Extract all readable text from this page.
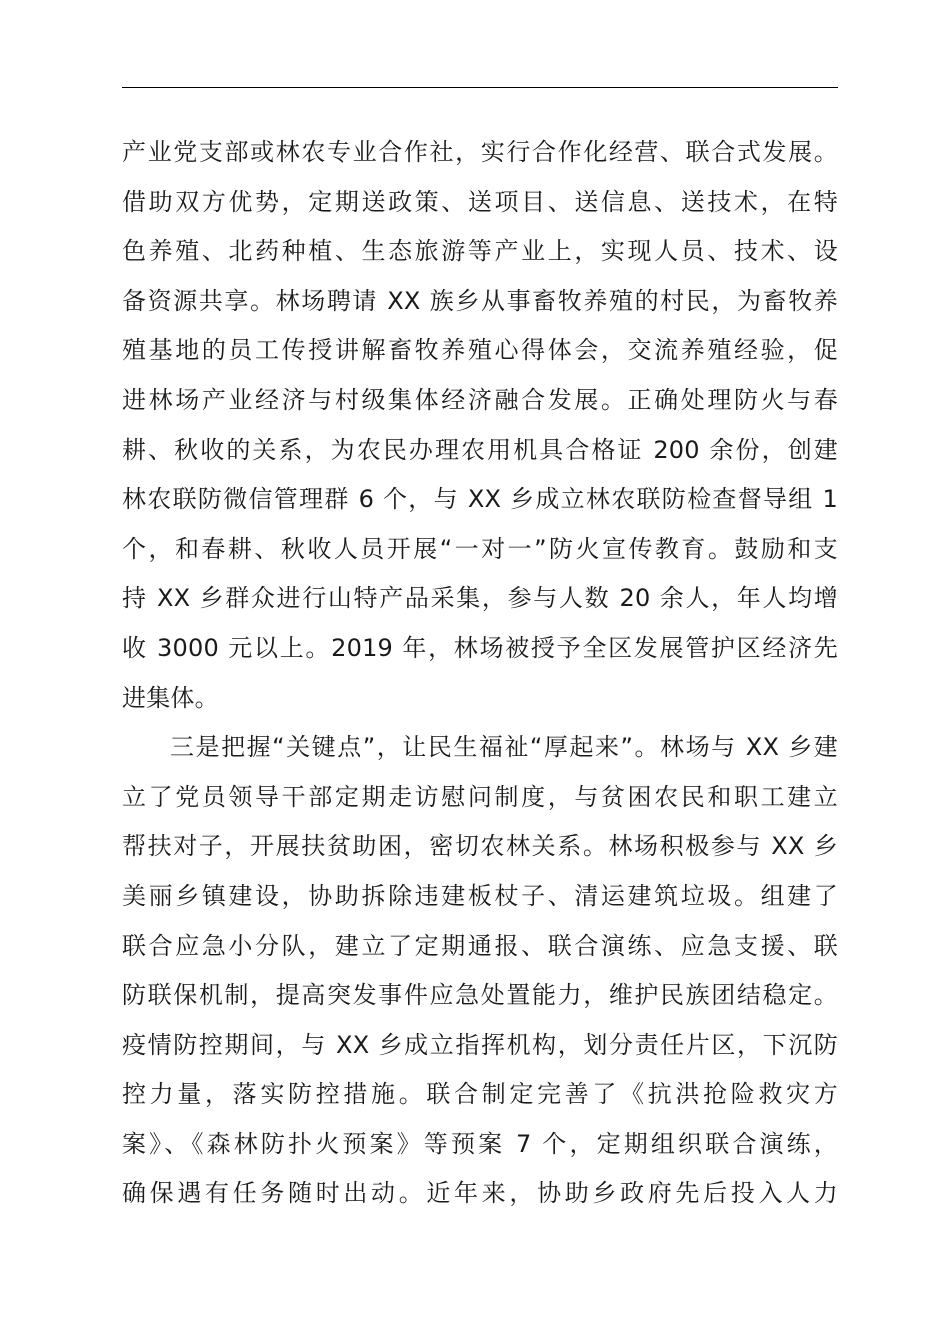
产业党支部或林农专业合作社，实行合作化经营、联合式发展。
借助双方优势，定期送政策、送项目、送信息、送技术，在特
色养殖、北药种植、生态旅游等产业上，实现人员、技术、设
备资源共享。林场聘请 XX 族乡从事畜牧养殖的村民，为畜牧养
殖基地的员工传授讲解畜牧养殖心得体会，交流养殖经验，促
进林场产业经济与村级集体经济融合发展。正确处理防火与春
耕、秋收的关系，为农民办理农用机具合格证 200 余份，创建
林农联防微信管理群 6 个，与 XX 乡成立林农联防检查督导组 1
个，和春耕、秋收人员开展“一对一”防火宣传教育。鼓励和支
持 XX 乡群众进行山特产品采集，参与人数 20 余人，年人均增
收 3000 元以上。2019 年，林场被授予全区发展管护区经济先
进集体。
三是把握“关键点”，让民生福祉“厚起来”。林场与 XX 乡建
立了党员领导干部定期走访慰问制度，与贫困农民和职工建立
帮扶对子，开展扶贫助困，密切农林关系。林场积极参与 XX 乡
美丽乡镇建设，协助拆除违建板杖子、清运建筑垃圾。组建了
联合应急小分队，建立了定期通报、联合演练、应急支援、联
防联保机制，提高突发事件应急处置能力，维护民族团结稳定。
疫情防控期间，与 XX 乡成立指挥机构，划分责任片区，下沉防
控力量，落实防控措施。联合制定完善了《抗洪抢险救灾方
案》、《森林防扑火预案》等预案 7 个，定期组织联合演练，
确保遇有任务随时出动。近年来，协助乡政府先后投入人力
